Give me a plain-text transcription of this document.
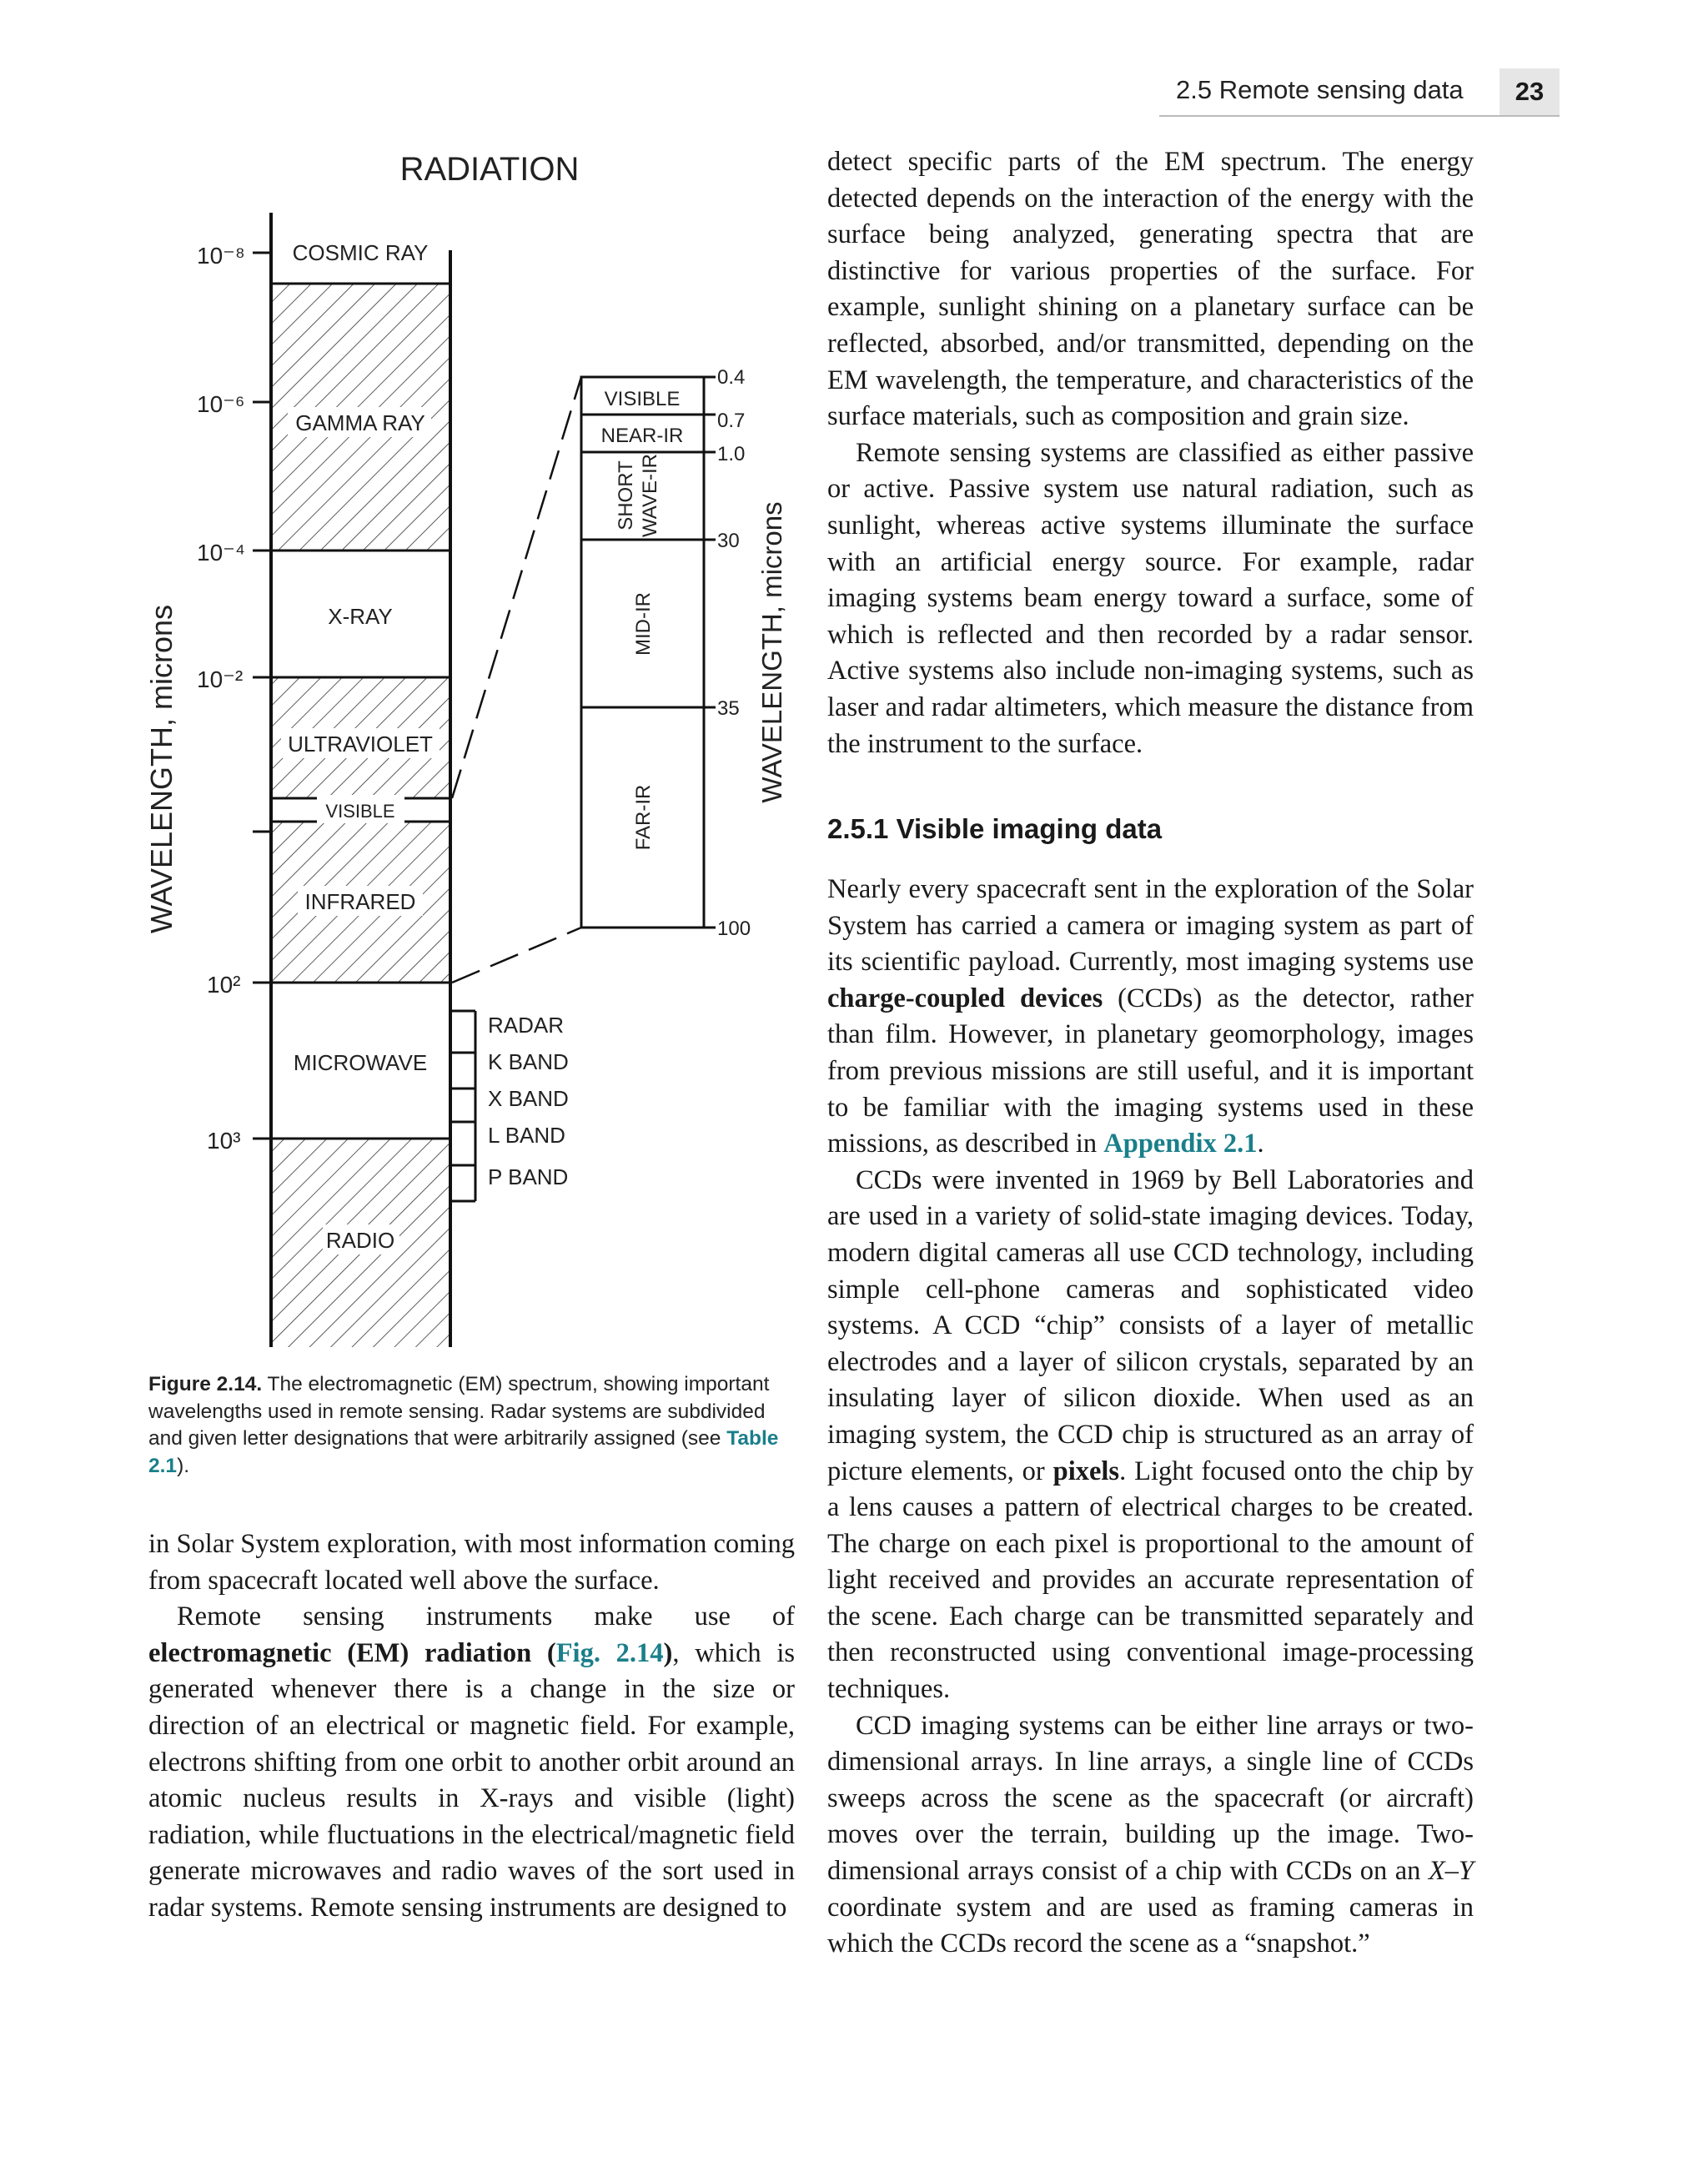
2.5 Remote sensing data	23
RADIATION
10⁻⁸
10⁻⁶
10⁻⁴
10⁻²
10²
10³
WAVELENGTH, microns
COSMIC RAY
GAMMA RAY
X-RAY
ULTRAVIOLET
VISIBLE
INFRARED
MICROWAVE
RADIO
RADAR
K BAND
X BAND
L BAND
P BAND
0.4
0.7
1.0
30
35
100
VISIBLE
NEAR-IR
SHORT WAVE-IR
MID-IR
FAR-IR
WAVELENGTH, microns
Figure 2.14. The electromagnetic (EM) spectrum, showing important wavelengths used in remote sensing. Radar systems are subdivided and given letter designations that were arbitrarily assigned (see Table 2.1).

in Solar System exploration, with most information coming from spacecraft located well above the surface.

Remote sensing instruments make use of electromagnetic (EM) radiation (Fig. 2.14), which is generated whenever there is a change in the size or direction of an electrical or magnetic field. For example, electrons shifting from one orbit to another orbit around an atomic nucleus results in X-rays and visible (light) radiation, while fluctuations in the electrical/magnetic field generate microwaves and radio waves of the sort used in radar systems. Remote sensing instruments are designed to

detect specific parts of the EM spectrum. The energy detected depends on the interaction of the energy with the surface being analyzed, generating spectra that are distinctive for various properties of the surface. For example, sunlight shining on a planetary surface can be reflected, absorbed, and/or transmitted, depending on the EM wavelength, the temperature, and characteristics of the surface materials, such as composition and grain size.

Remote sensing systems are classified as either passive or active. Passive system use natural radiation, such as sunlight, whereas active systems illuminate the surface with an artificial energy source. For example, radar imaging systems beam energy toward a surface, some of which is reflected and then recorded by a radar sensor. Active systems also include non-imaging systems, such as laser and radar altimeters, which measure the distance from the instrument to the surface.

2.5.1 Visible imaging data

Nearly every spacecraft sent in the exploration of the Solar System has carried a camera or imaging system as part of its scientific payload. Currently, most imaging systems use charge-coupled devices (CCDs) as the detector, rather than film. However, in planetary geomorphology, images from previous missions are still useful, and it is important to be familiar with the imaging systems used in these missions, as described in Appendix 2.1.

CCDs were invented in 1969 by Bell Laboratories and are used in a variety of solid-state imaging devices. Today, modern digital cameras all use CCD technology, including simple cell-phone cameras and sophisticated video systems. A CCD “chip” consists of a layer of metallic electrodes and a layer of silicon crystals, separated by an insulating layer of silicon dioxide. When used as an imaging system, the CCD chip is structured as an array of picture elements, or pixels. Light focused onto the chip by a lens causes a pattern of electrical charges to be created. The charge on each pixel is proportional to the amount of light received and provides an accurate representation of the scene. Each charge can be transmitted separately and then reconstructed using conventional image-processing techniques.

CCD imaging systems can be either line arrays or two-dimensional arrays. In line arrays, a single line of CCDs sweeps across the scene as the spacecraft (or aircraft) moves over the terrain, building up the image. Two-dimensional arrays consist of a chip with CCDs on an X–Y coordinate system and are used as framing cameras in which the CCDs record the scene as a “snapshot.”
